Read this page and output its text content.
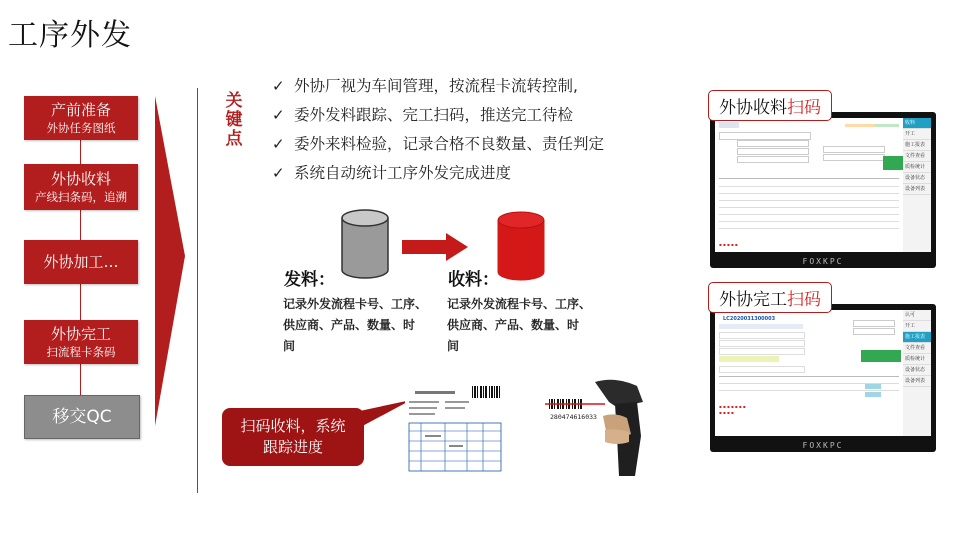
工序外发
产前准备
外协任务图纸
外协收料
产线扫条码，追溯
外协加工…
外协完工
扫流程卡条码
移交QC
关
键
点
✓ 外协厂视为车间管理，按流程卡流转控制,
✓ 委外发料跟踪、完工扫码，推送完工待检
✓ 委外来料检验，记录合格不良数量、责任判定
✓ 系统自动统计工序外发完成进度
发料：
记录外发流程卡号、工序、
供应商、产品、数量、时
间
收料：
记录外发流程卡号、工序、
供应商、产品、数量、时
间
扫码收料，系统
跟踪进度
280474616033
外协收料扫码
▪ ▪ ▪ ▪ ▪
收料
开工
施工报表
文件查看
质检统计
设备状态
设备列表
FOXKPC
外协完工扫码
LC2020031300003
▪ ▪ ▪ ▪ ▪ ▪ ▪
▪ ▪ ▪ ▪
认可
开工
施工报表
文件查看
质检统计
设备状态
设备列表
FOXKPC
